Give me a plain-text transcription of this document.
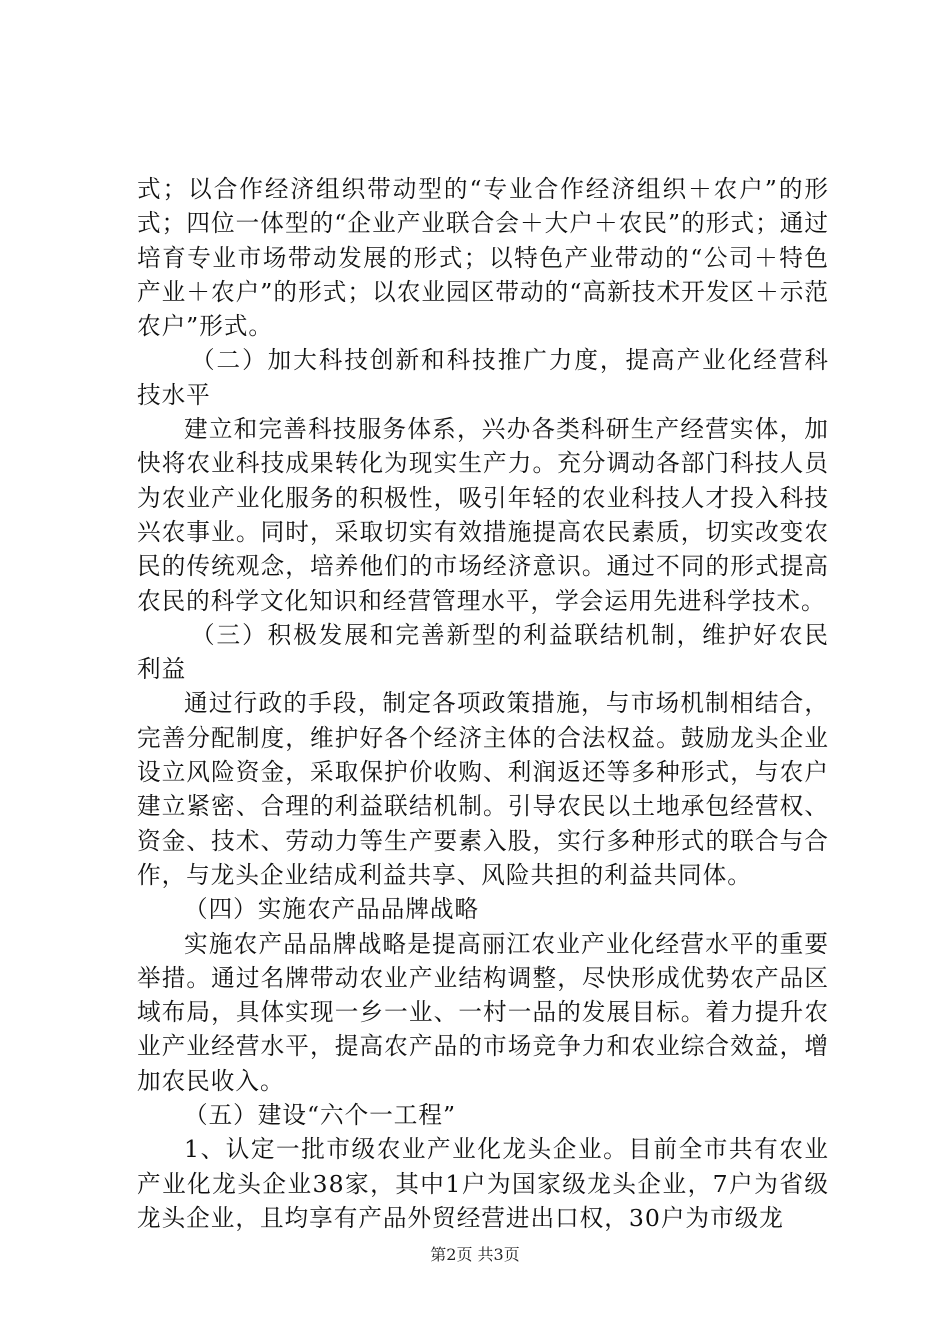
式；以合作经济组织带动型的“专业合作经济组织＋农户”的形式；四位一体型的“企业产业联合会＋大户＋农民”的形式；通过培育专业市场带动发展的形式；以特色产业带动的“公司＋特色产业＋农户”的形式；以农业园区带动的“高新技术开发区＋示范农户”形式。

（二）加大科技创新和科技推广力度，提高产业化经营科技水平

建立和完善科技服务体系，兴办各类科研生产经营实体，加快将农业科技成果转化为现实生产力。充分调动各部门科技人员为农业产业化服务的积极性，吸引年轻的农业科技人才投入科技兴农事业。同时，采取切实有效措施提高农民素质，切实改变农民的传统观念，培养他们的市场经济意识。通过不同的形式提高农民的科学文化知识和经营管理水平，学会运用先进科学技术。

（三）积极发展和完善新型的利益联结机制，维护好农民利益

通过行政的手段，制定各项政策措施，与市场机制相结合，完善分配制度，维护好各个经济主体的合法权益。鼓励龙头企业设立风险资金，采取保护价收购、利润返还等多种形式，与农户建立紧密、合理的利益联结机制。引导农民以土地承包经营权、资金、技术、劳动力等生产要素入股，实行多种形式的联合与合作，与龙头企业结成利益共享、风险共担的利益共同体。

（四）实施农产品品牌战略

实施农产品品牌战略是提高丽江农业产业化经营水平的重要举措。通过名牌带动农业产业结构调整，尽快形成优势农产品区域布局，具体实现一乡一业、一村一品的发展目标。着力提升农业产业经营水平，提高农产品的市场竞争力和农业综合效益，增加农民收入。

（五）建设“六个一工程”

1、认定一批市级农业产业化龙头企业。目前全市共有农业产业化龙头企业38家，其中1户为国家级龙头企业，7户为省级龙头企业，且均享有产品外贸经营进出口权，30户为市级龙

第2页 共3页
